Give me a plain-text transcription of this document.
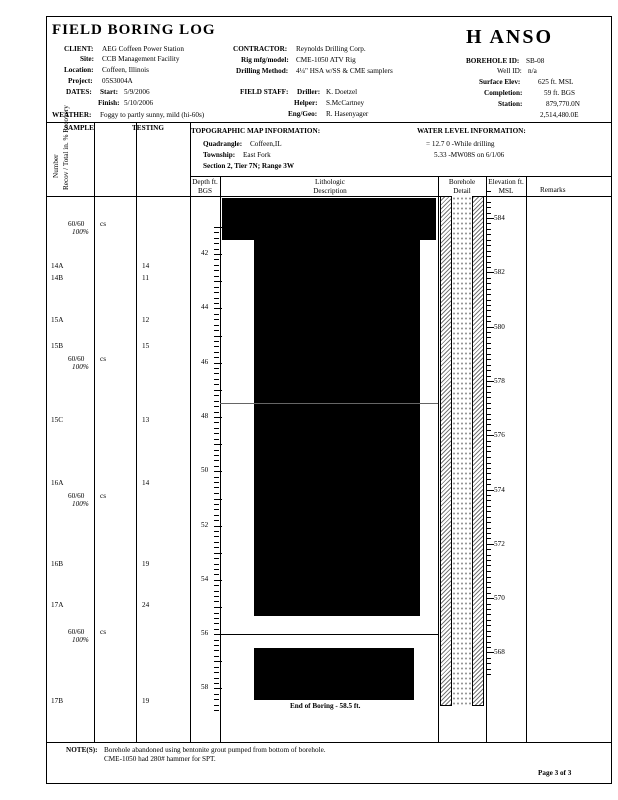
FIELD BORING LOG	H ANSO
CLIENT: AEG Coffeen Power Station
Site: CCB Management Facility
Location: Coffeen, Illinois
Project: 05S3004A
DATES: Start: 5/9/2006
Finish: 5/10/2006
WEATHER: Foggy to partly sunny, mild (hi-60s)
CONTRACTOR: Reynolds Drilling Corp.
Rig mfg/model: CME-1050 ATV Rig
Drilling Method: 4¼" HSA w/SS & CME samplers
FIELD STAFF: Driller: K. Doetzel
Helper: S.McCartney
Eng/Geo: R. Hasenyager
BOREHOLE ID: SB-08
Well ID: n/a
Surface Elev: 625 ft. MSL
Completion:	59 ft. BGS
Station:	879,770.0N
2,514,480.0E
SAMPLE	TESTING	TOPOGRAPHIC MAP INFORMATION:
Quadrangle: Coffeen,IL
Township: East Fork
Section 2, Tier 7N; Range 3W
WATER LEVEL INFORMATION:
= 12.7 0 -While drilling
5.33 -MW08S on 6/1/06
Number Recov / Total in. % Recovery	Depth ft. BGS
Lithologic Description
Borehole Detail
Elevation ft. MSL	Remarks
42
44
46
48
50
52
54
56
58
584
582
580
578
576
574
572
570
568
60/60
100%
cs
14A	14
14B	11
15A	12
15B	15
60/60
100%
cs
15C	13
16A	14
60/60
100%
cs
16B	19
17A	24
60/60
100%
cs
17B	19
End of Boring - 58.5 ft.
NOTE(S): Borehole abandoned using bentonite grout pumped from bottom of borehole.
CME-1050 had 280# hammer for SPT.
Page 3 of 3
